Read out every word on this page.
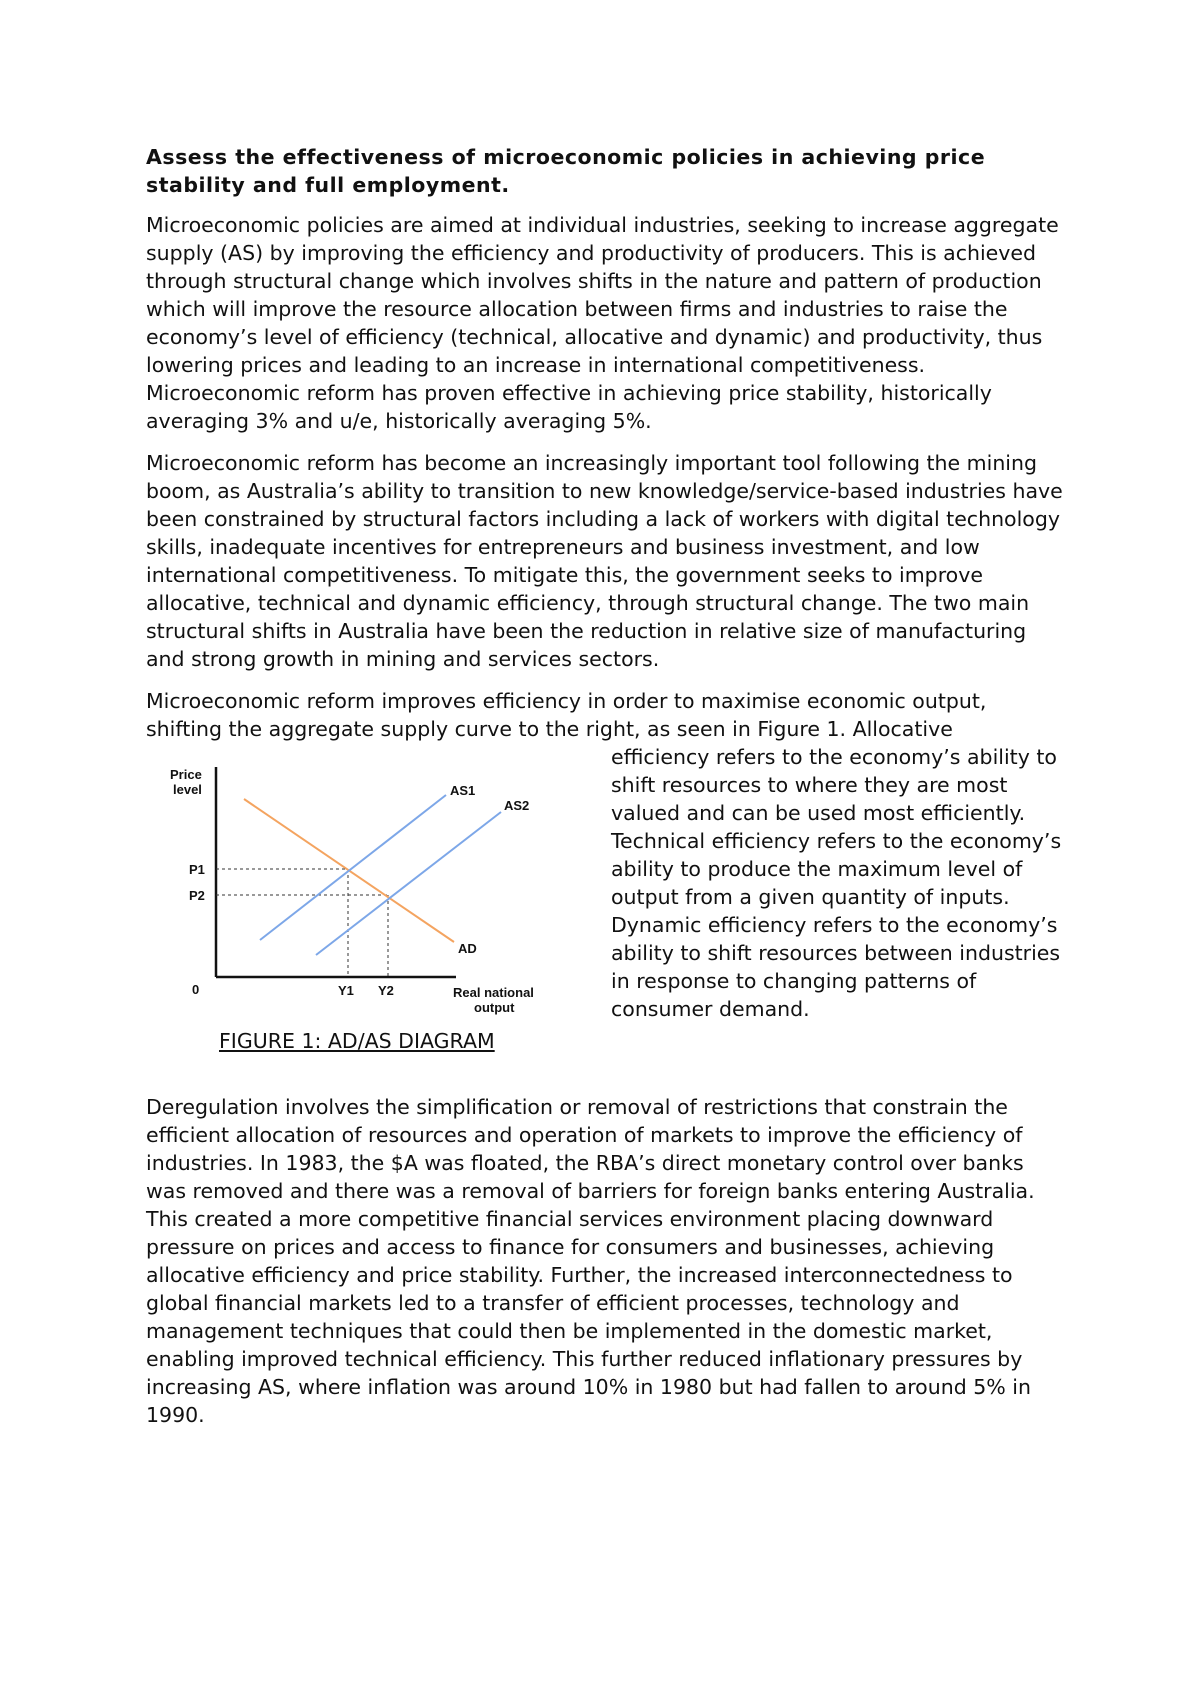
Assess the effectiveness of microeconomic policies in achieving price stability and full employment.

Microeconomic policies are aimed at individual industries, seeking to increase aggregate supply (AS) by improving the efficiency and productivity of producers. This is achieved through structural change which involves shifts in the nature and pattern of production which will improve the resource allocation between firms and industries to raise the economy’s level of efficiency (technical, allocative and dynamic) and productivity, thus lowering prices and leading to an increase in international competitiveness. Microeconomic reform has proven effective in achieving price stability, historically averaging 3% and u/e, historically averaging 5%.

Microeconomic reform has become an increasingly important tool following the mining boom, as Australia’s ability to transition to new knowledge/service-based industries have been constrained by structural factors including a lack of workers with digital technology skills, inadequate incentives for entrepreneurs and business investment, and low international competitiveness. To mitigate this, the government seeks to improve allocative, technical and dynamic efficiency, through structural change. The two main structural shifts in Australia have been the reduction in relative size of manufacturing and strong growth in mining and services sectors.

Microeconomic reform improves efficiency in order to maximise economic output, shifting the aggregate supply curve to the right, as seen in Figure 1. Allocative
efficiency refers to the economy’s ability to shift resources to where they are most valued and can be used most efficiently. Technical efficiency refers to the economy’s ability to produce the maximum level of output from a given quantity of inputs. Dynamic efficiency refers to the economy’s ability to shift resources between industries in response to changing patterns of consumer demand.
Price
level
P1
P2
0	Y1 Y2	Real national
output
AS1
AS2
AD
FIGURE 1: AD/AS DIAGRAM

Deregulation involves the simplification or removal of restrictions that constrain the efficient allocation of resources and operation of markets to improve the efficiency of industries. In 1983, the $A was floated, the RBA’s direct monetary control over banks was removed and there was a removal of barriers for foreign banks entering Australia. This created a more competitive financial services environment placing downward pressure on prices and access to finance for consumers and businesses, achieving allocative efficiency and price stability. Further, the increased interconnectedness to global financial markets led to a transfer of efficient processes, technology and management techniques that could then be implemented in the domestic market, enabling improved technical efficiency. This further reduced inflationary pressures by increasing AS, where inflation was around 10% in 1980 but had fallen to around 5% in 1990.
